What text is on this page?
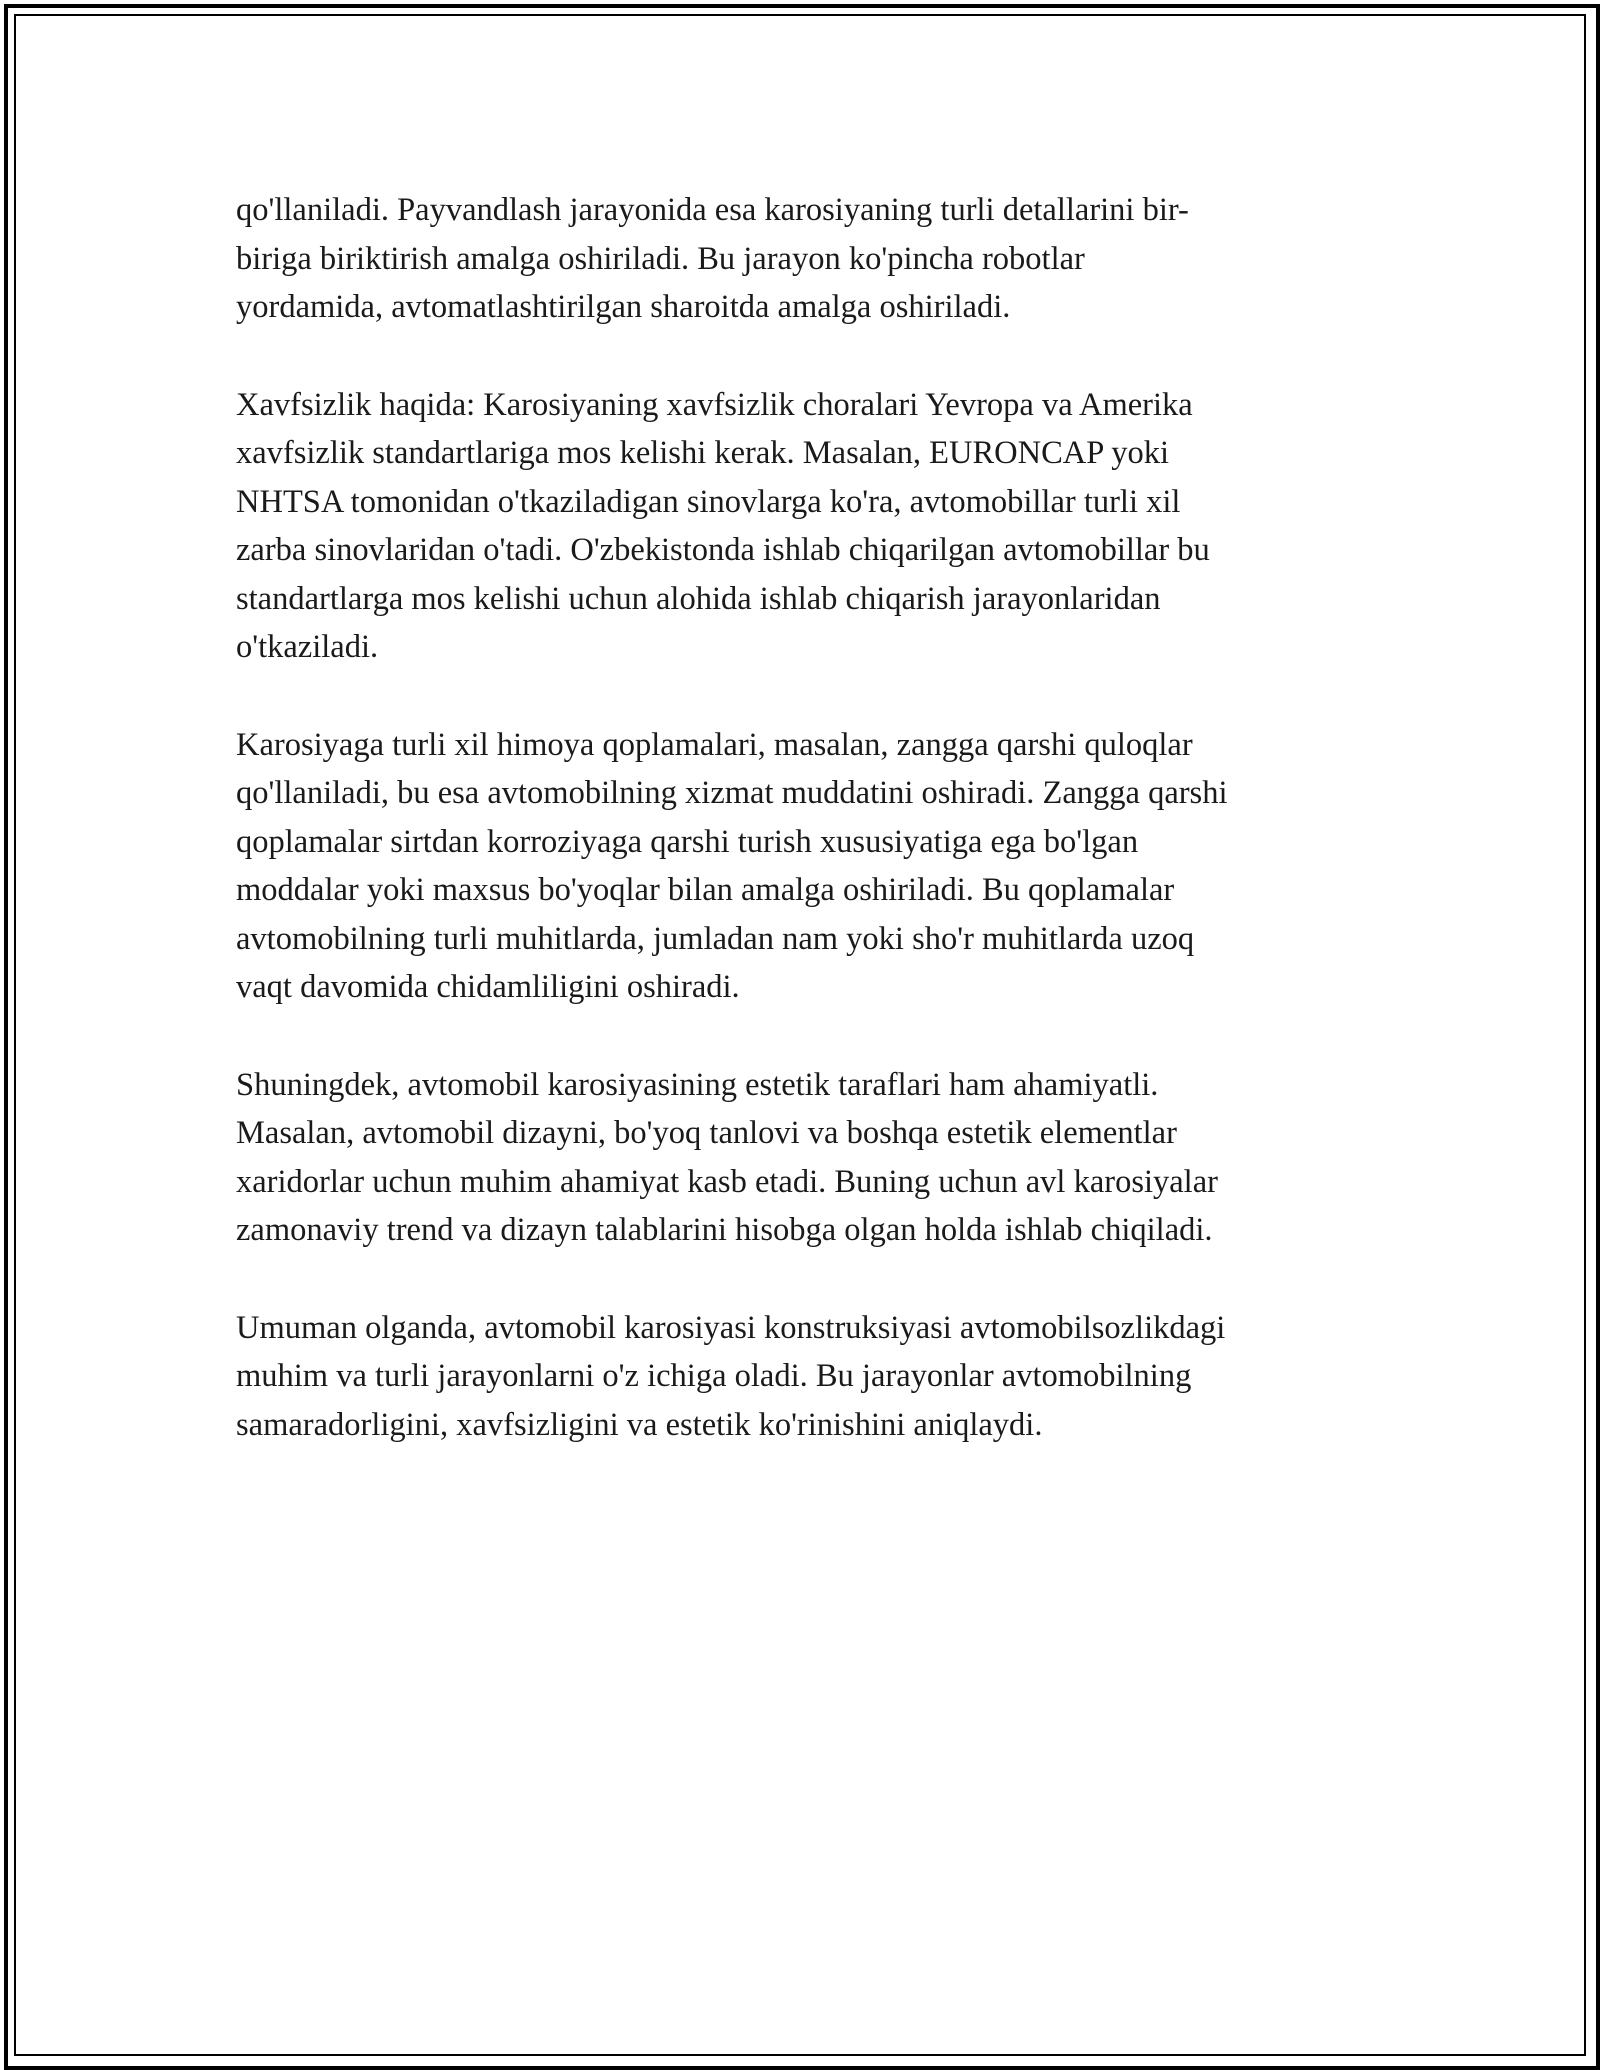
qo'llaniladi. Payvandlash jarayonida esa karosiyaning turli detallarini bir-
biriga biriktirish amalga oshiriladi. Bu jarayon ko'pincha robotlar
yordamida, avtomatlashtirilgan sharoitda amalga oshiriladi.

Xavfsizlik haqida: Karosiyaning xavfsizlik choralari Yevropa va Amerika
xavfsizlik standartlariga mos kelishi kerak. Masalan, EURONCAP yoki
NHTSA tomonidan o'tkaziladigan sinovlarga ko'ra, avtomobillar turli xil
zarba sinovlaridan o'tadi. O'zbekistonda ishlab chiqarilgan avtomobillar bu
standartlarga mos kelishi uchun alohida ishlab chiqarish jarayonlaridan
o'tkaziladi.

Karosiyaga turli xil himoya qoplamalari, masalan, zangga qarshi quloqlar
qo'llaniladi, bu esa avtomobilning xizmat muddatini oshiradi. Zangga qarshi
qoplamalar sirtdan korroziyaga qarshi turish xususiyatiga ega bo'lgan
moddalar yoki maxsus bo'yoqlar bilan amalga oshiriladi. Bu qoplamalar
avtomobilning turli muhitlarda, jumladan nam yoki sho'r muhitlarda uzoq
vaqt davomida chidamliligini oshiradi.

Shuningdek, avtomobil karosiyasining estetik taraflari ham ahamiyatli.
Masalan, avtomobil dizayni, bo'yoq tanlovi va boshqa estetik elementlar
xaridorlar uchun muhim ahamiyat kasb etadi. Buning uchun avl karosiyalar
zamonaviy trend va dizayn talablarini hisobga olgan holda ishlab chiqiladi.

Umuman olganda, avtomobil karosiyasi konstruksiyasi avtomobilsozlikdagi
muhim va turli jarayonlarni o'z ichiga oladi. Bu jarayonlar avtomobilning
samaradorligini, xavfsizligini va estetik ko'rinishini aniqlaydi.
